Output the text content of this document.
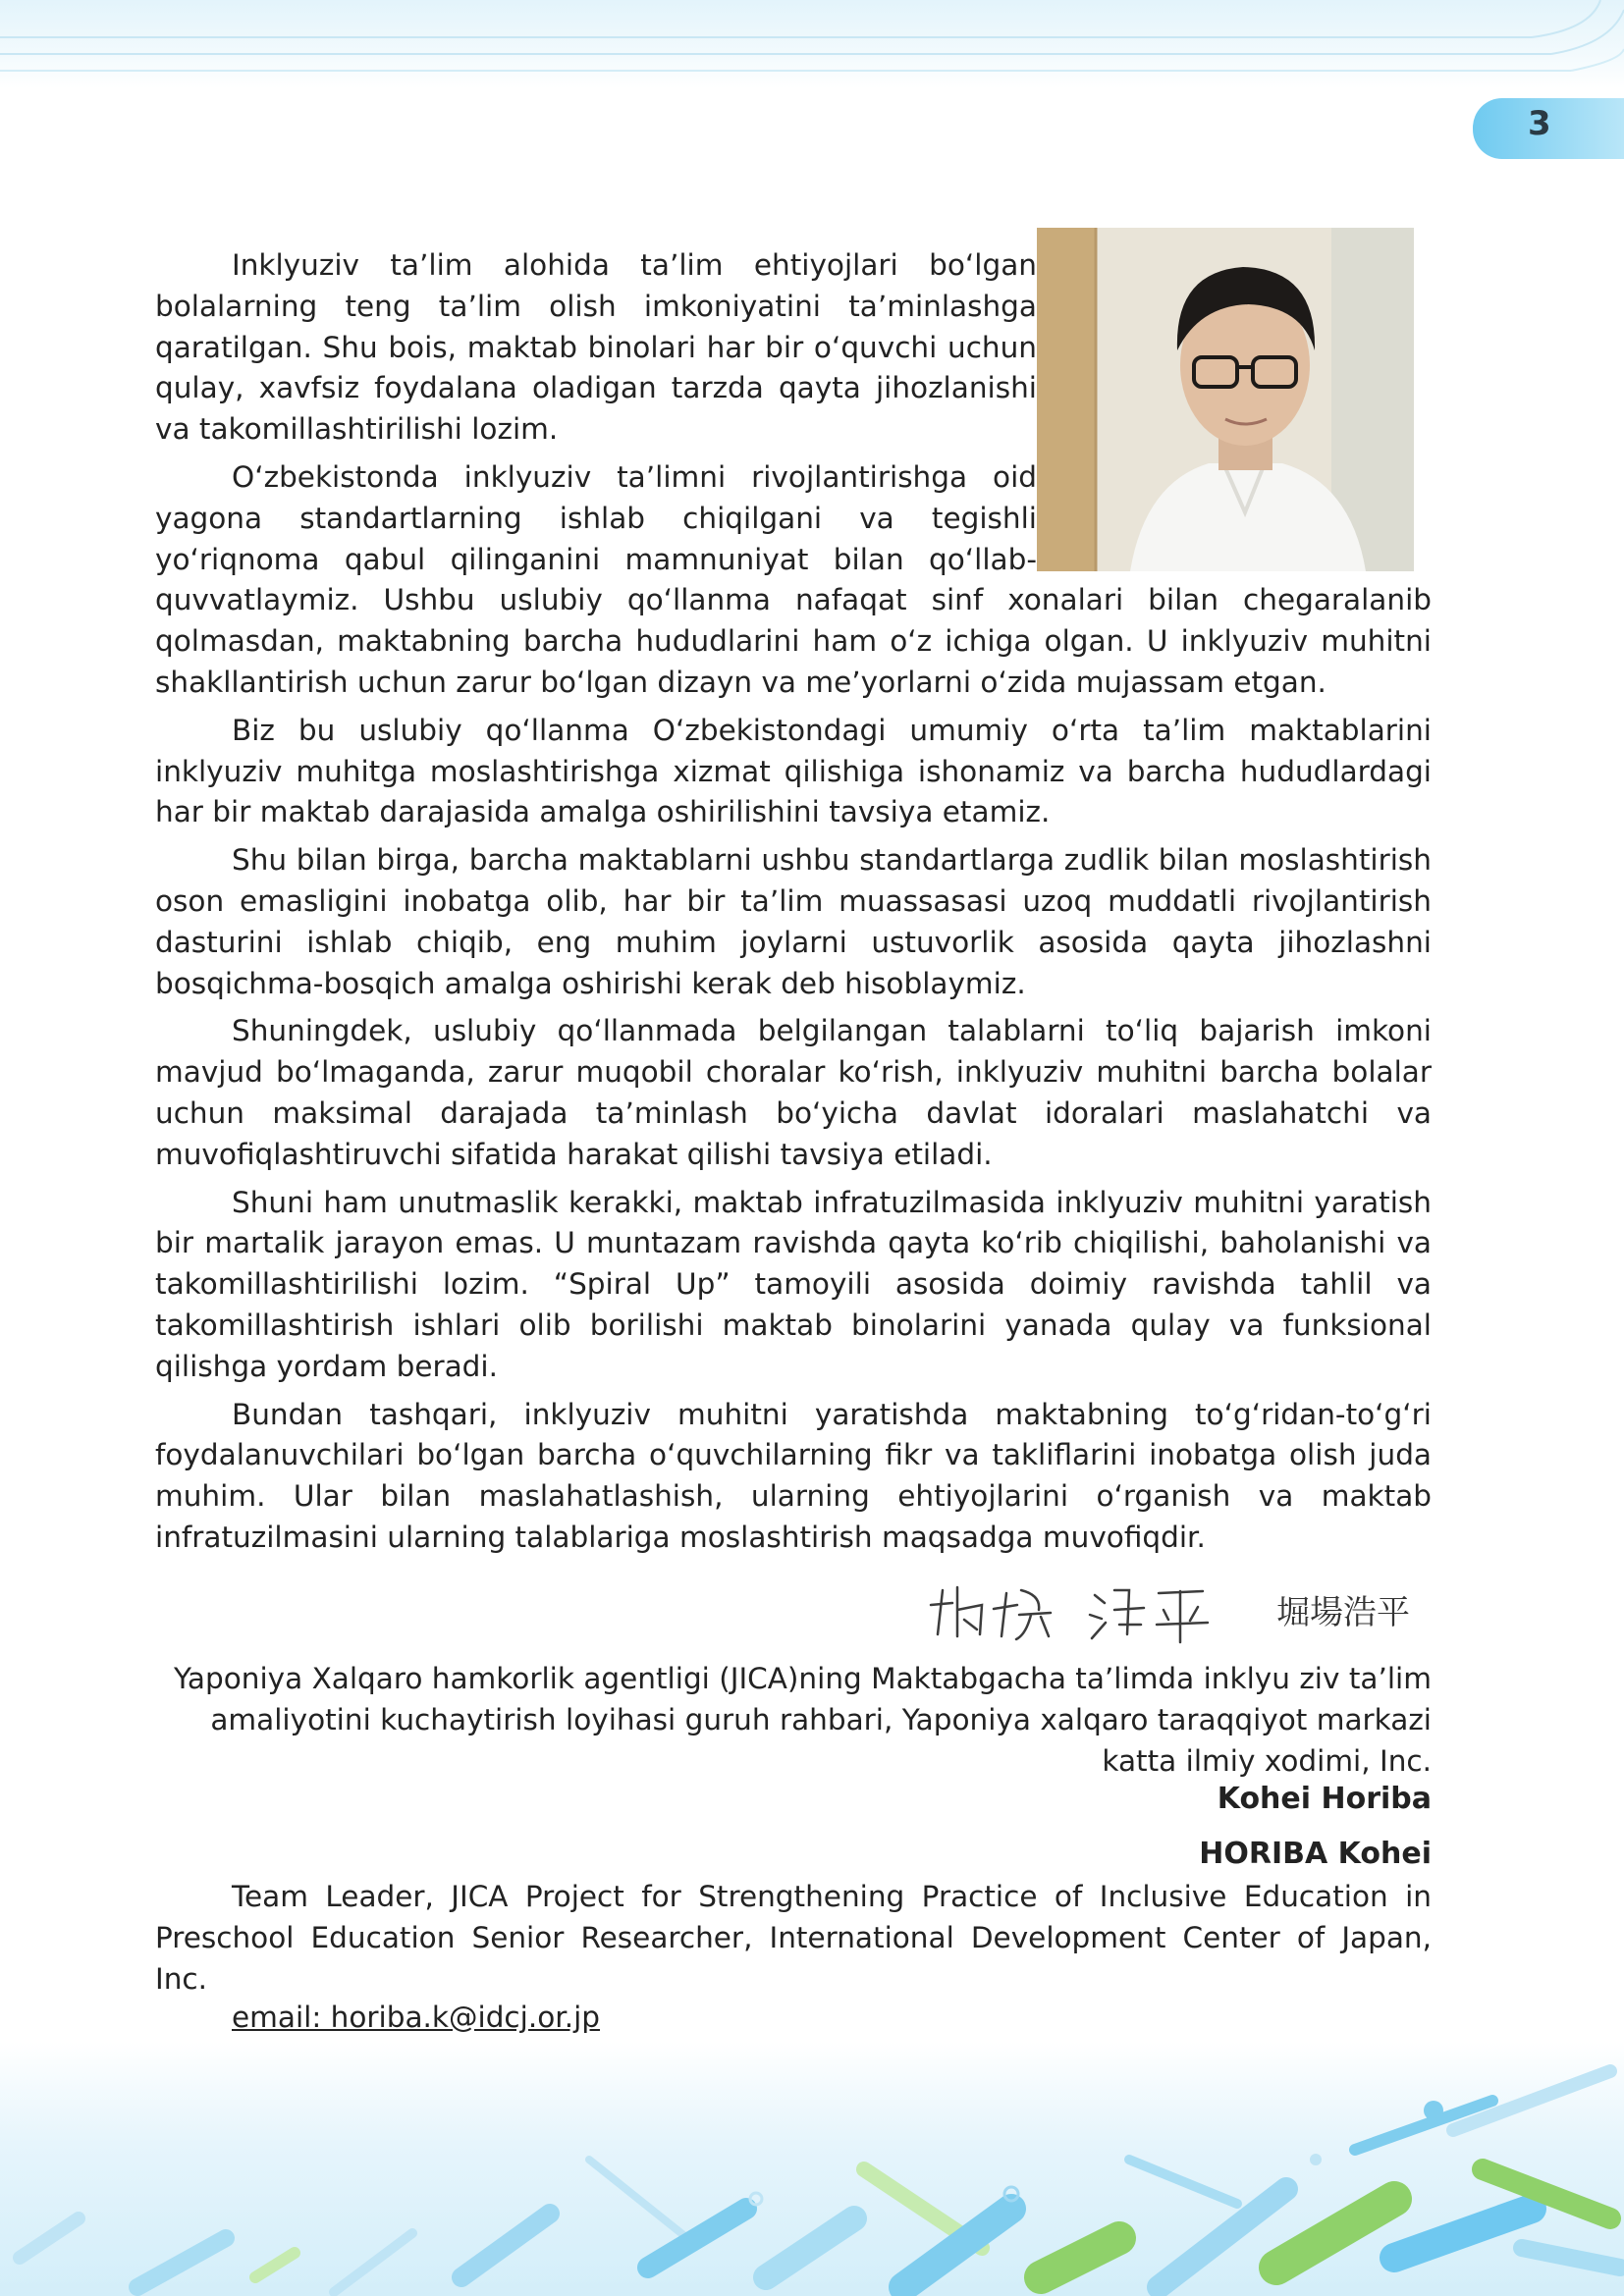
3

Inklyuziv ta’lim alohida ta’lim ehtiyojlari bo‘lgan bolalarning teng ta’lim olish imkoniyatini ta’minlashga qaratilgan. Shu bois, maktab binolari har bir o‘quvchi uchun qulay, xavfsiz foydalana oladigan tarzda qayta jihozlanishi va takomillashtirilishi lozim.

O‘zbekistonda inklyuziv ta’limni rivojlantirishga oid yagona standartlarning ishlab chiqilgani va tegishli yo‘riqnoma qabul qilinganini mamnuniyat bilan qo‘llab-quvvatlaymiz. Ushbu uslubiy qo‘llanma nafaqat sinf xonalari bilan chegaralanib qolmasdan, maktabning barcha hududlarini ham o‘z ichiga olgan. U inklyuziv muhitni shakllantirish uchun zarur bo‘lgan dizayn va me’yorlarni o‘zida mujassam etgan.

Biz bu uslubiy qo‘llanma O‘zbekistondagi umumiy o‘rta ta’lim maktablarini inklyuziv muhitga moslashtirishga xizmat qilishiga ishonamiz va barcha hududlardagi har bir maktab darajasida amalga oshirilishini tavsiya etamiz.

Shu bilan birga, barcha maktablarni ushbu standartlarga zudlik bilan moslashtirish oson emasligini inobatga olib, har bir ta’lim muassasasi uzoq muddatli rivojlantirish dasturini ishlab chiqib, eng muhim joylarni ustuvorlik asosida qayta jihozlashni bosqichma-bosqich amalga oshirishi kerak deb hisoblaymiz.

Shuningdek, uslubiy qo‘llanmada belgilangan talablarni to‘liq bajarish imkoni mavjud bo‘lmaganda, zarur muqobil choralar ko‘rish, inklyuziv muhitni barcha bolalar uchun maksimal darajada ta’minlash bo‘yicha davlat idoralari maslahatchi va muvofiqlashtiruvchi sifatida harakat qilishi tavsiya etiladi.

Shuni ham unutmaslik kerakki, maktab infratuzilmasida inklyuziv muhitni yaratish bir martalik jarayon emas. U muntazam ravishda qayta ko‘rib chiqilishi, baholanishi va takomillashtirilishi lozim. “Spiral Up” tamoyili asosida doimiy ravishda tahlil va takomillashtirish ishlari olib borilishi maktab binolarini yanada qulay va funksional qilishga yordam beradi.

Bundan tashqari, inklyuziv muhitni yaratishda maktabning to‘g‘ridan-to‘g‘ri foydalanuvchilari bo‘lgan barcha o‘quvchilarning fikr va takliflarini inobatga olish juda muhim. Ular bilan maslahatlashish, ularning ehtiyojlarini o‘rganish va maktab infratuzilmasini ularning talablariga moslashtirish maqsadga muvofiqdir.

堀場浩平
Yaponiya Xalqaro hamkorlik agentligi (JICA)ning Maktabgacha ta’limda inklyu ziv ta’lim amaliyotini kuchaytirish loyihasi guruh rahbari, Yaponiya xalqaro taraqqiyot markazi katta ilmiy xodimi, Inc.
Kohei Horiba
HORIBA Kohei

Team Leader, JICA Project for Strengthening Practice of Inclusive Education in Preschool Education Senior Researcher, International Development Center of Japan, Inc.

email: horiba.k@idcj.or.jp
